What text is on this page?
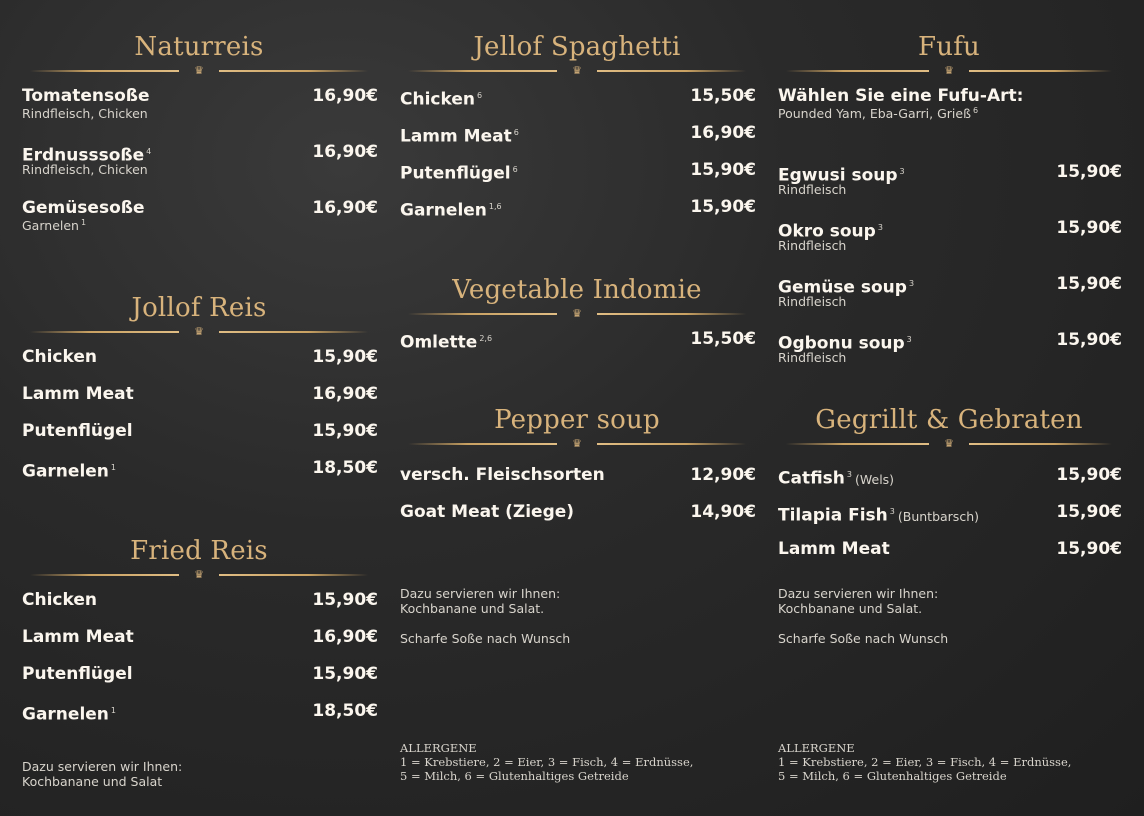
Naturreis
♛
Tomatensoße	16,90€
Rindfleisch, Chicken
Erdnusssoße $^4$	16,90€
Rindfleisch, Chicken
Gemüsesoße	16,90€
Garnelen $^1$
Jollof Reis
♛
Chicken	15,90€
Lamm Meat	16,90€
Putenflügel	15,90€
Garnelen $^1$	18,50€
Fried Reis
♛
Chicken	15,90€
Lamm Meat	16,90€
Putenflügel	15,90€
Garnelen $^1$	18,50€
Dazu servieren wir Ihnen:
Kochbanane und Salat
Jellof Spaghetti
♛
Chicken $^6$	15,50€
Lamm Meat $^6$	16,90€
Putenflügel $^6$	15,90€
Garnelen $^{1,6}$	15,90€
Vegetable Indomie
♛
Omlette $^{2,6}$	15,50€
Pepper soup
♛
versch. Fleischsorten	12,90€
Goat Meat (Ziege)	14,90€
Dazu servieren wir Ihnen:
Kochbanane und Salat.
Scharfe Soße nach Wunsch
ALLERGENE
1 = Krebstiere, 2 = Eier, 3 = Fisch, 4 = Erdnüsse,
5 = Milch, 6 = Glutenhaltiges Getreide
Fufu
♛
Wählen Sie eine Fufu-Art:
Pounded Yam, Eba-Garri, Grieß $^6$
Egwusi soup $^3$	15,90€
Rindfleisch
Okro soup $^3$	15,90€
Rindfleisch
Gemüse soup $^3$	15,90€
Rindfleisch
Ogbonu soup $^3$	15,90€
Rindfleisch
Gegrillt & Gebraten
♛
Catfish $^3$ (Wels)	15,90€
Tilapia Fish $^3$ (Buntbarsch)	15,90€
Lamm Meat	15,90€
Dazu servieren wir Ihnen:
Kochbanane und Salat.
Scharfe Soße nach Wunsch
ALLERGENE
1 = Krebstiere, 2 = Eier, 3 = Fisch, 4 = Erdnüsse,
5 = Milch, 6 = Glutenhaltiges Getreide
